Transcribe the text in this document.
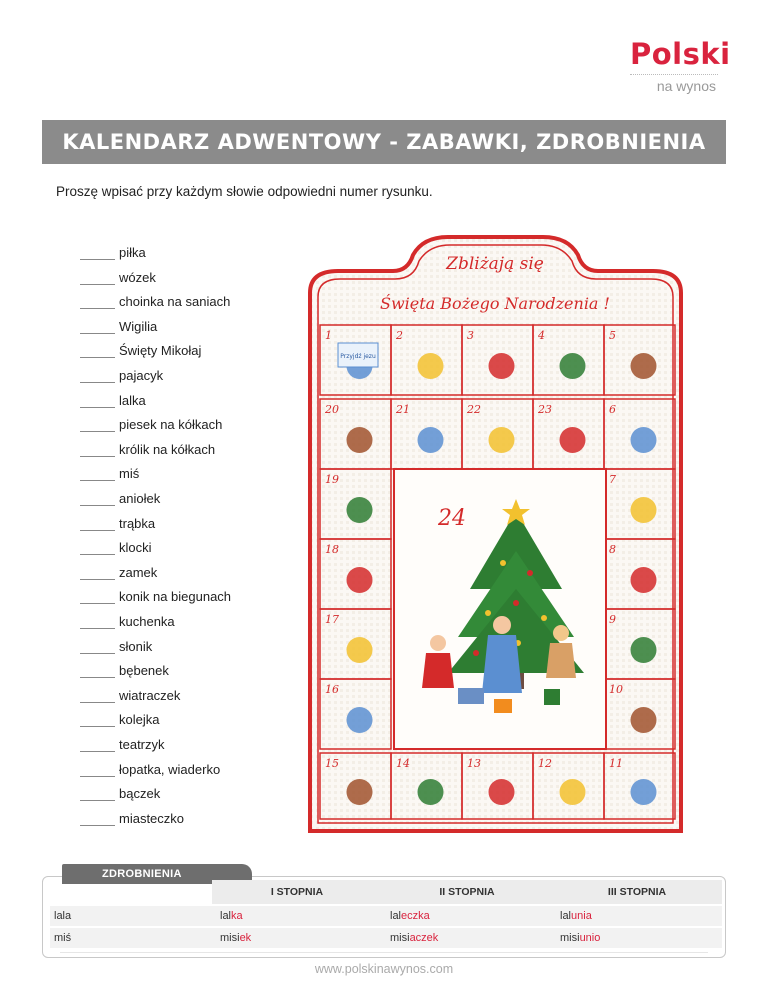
Polski
na wynos
KALENDARZ ADWENTOWY - ZABAWKI, ZDROBNIENIA
Proszę wpisać przy każdym słowie odpowiedni numer rysunku.
piłka
wózek
choinka na saniach
Wigilia
Święty Mikołaj
pajacyk
lalka
piesek na kółkach
królik na kółkach
miś
aniołek
trąbka
klocki
zamek
konik na biegunach
kuchenka
słonik
bębenek
wiatraczek
kolejka
teatrzyk
łopatka, wiaderko
bączek
miasteczko
Zbliżają się
Święta Bożego Narodzenia !
1	2	3	4	5
6
7
8
9
10
11
12
13
14
15
16
17
18
19
20	21	22	23
Przyjdź jezu
24
ZDROBNIENIA
I STOPNIA	II STOPNIA	III STOPNIA
lala	lalka	laleczka	lalunia
miś	misiek	misiaczek	misiunio
www.polskinawynos.com
